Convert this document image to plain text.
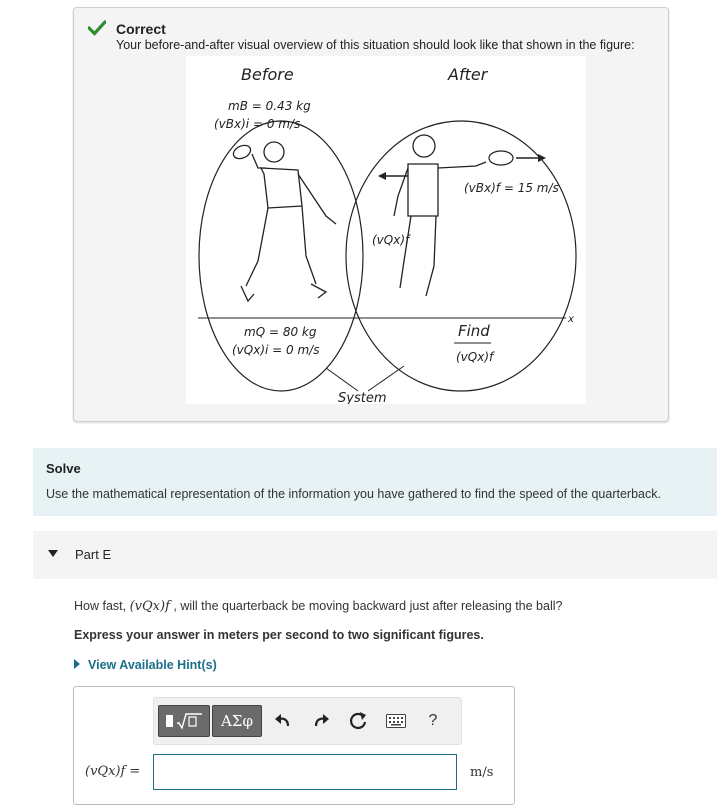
Correct
Your before-and-after visual overview of this situation should look like that shown in the figure:
Before	After
x
mB = 0.43 kg
(vBx)i = 0 m/s
mQ = 80 kg
(vQx)i = 0 m/s
(vBx)f = 15 m/s
(vQx)f
Find
(vQx)f
System
Solve
Use the mathematical representation of the information you have gathered to find the speed of the quarterback.
Part E
How fast, (vQx)f , will the quarterback be moving backward just after releasing the ball?
Express your answer in meters per second to two significant figures.
View Available Hint(s)
ΑΣφ	?
(vQx)f =	m/s
